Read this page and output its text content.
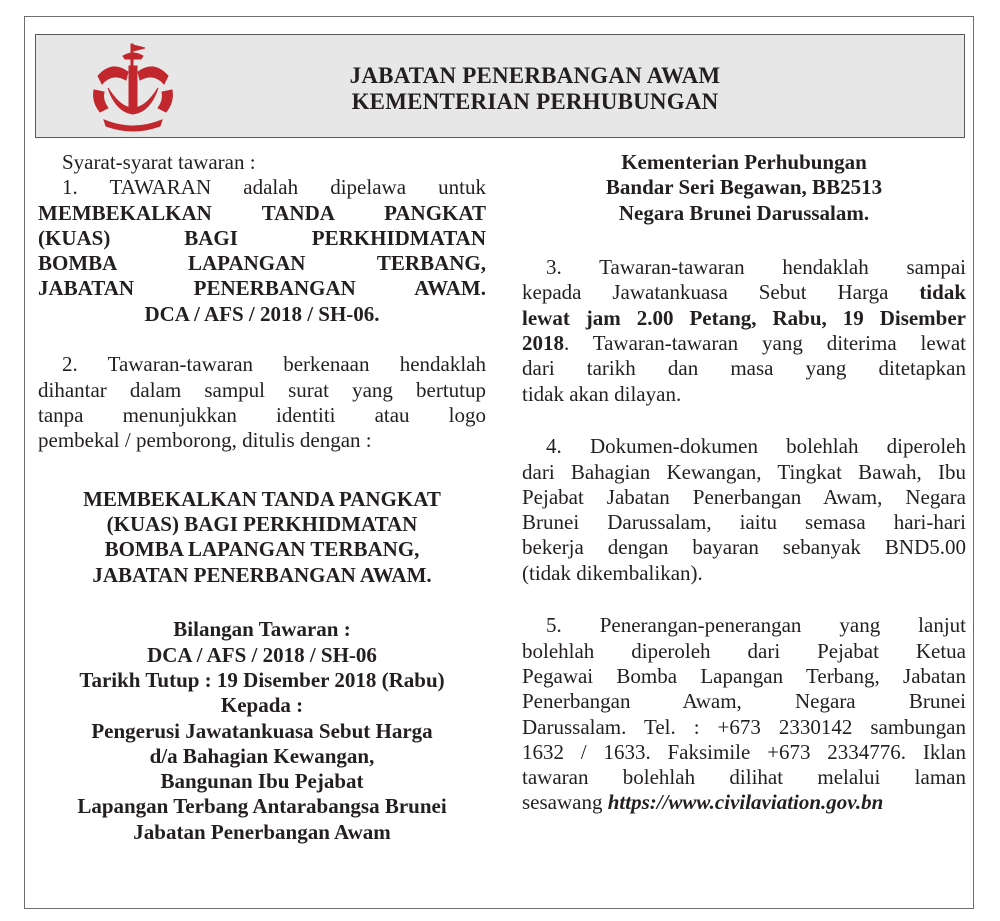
JABATAN PENERBANGAN AWAM
KEMENTERIAN PERHUBUNGAN
Syarat-syarat tawaran :
1. TAWARAN adalah dipelawa untuk
MEMBEKALKAN TANDA PANGKAT
(KUAS) BAGI PERKHIDMATAN
BOMBA LAPANGAN TERBANG,
JABATAN PENERBANGAN AWAM.
DCA / AFS / 2018 / SH-06.
2. Tawaran-tawaran berkenaan hendaklah
dihantar dalam sampul surat yang bertutup
tanpa menunjukkan identiti atau logo
pembekal / pemborong, ditulis dengan :
MEMBEKALKAN TANDA PANGKAT
(KUAS) BAGI PERKHIDMATAN
BOMBA LAPANGAN TERBANG,
JABATAN PENERBANGAN AWAM.
Bilangan Tawaran :
DCA / AFS / 2018 / SH-06
Tarikh Tutup : 19 Disember 2018 (Rabu)
Kepada :
Pengerusi Jawatankuasa Sebut Harga
d/a Bahagian Kewangan,
Bangunan Ibu Pejabat
Lapangan Terbang Antarabangsa Brunei
Jabatan Penerbangan Awam
Kementerian Perhubungan
Bandar Seri Begawan, BB2513
Negara Brunei Darussalam.
3. Tawaran-tawaran hendaklah sampai
kepada Jawatankuasa Sebut Harga tidak
lewat jam 2.00 Petang, Rabu, 19 Disember
2018. Tawaran-tawaran yang diterima lewat
dari tarikh dan masa yang ditetapkan
tidak akan dilayan.
4. Dokumen-dokumen bolehlah diperoleh
dari Bahagian Kewangan, Tingkat Bawah, Ibu
Pejabat Jabatan Penerbangan Awam, Negara
Brunei Darussalam, iaitu semasa hari-hari
bekerja dengan bayaran sebanyak BND5.00
(tidak dikembalikan).
5. Penerangan-penerangan yang lanjut
bolehlah diperoleh dari Pejabat Ketua
Pegawai Bomba Lapangan Terbang, Jabatan
Penerbangan Awam, Negara Brunei
Darussalam. Tel. : +673 2330142 sambungan
1632 / 1633. Faksimile +673 2334776. Iklan
tawaran bolehlah dilihat melalui laman
sesawang https://www.civilaviation.gov.bn
